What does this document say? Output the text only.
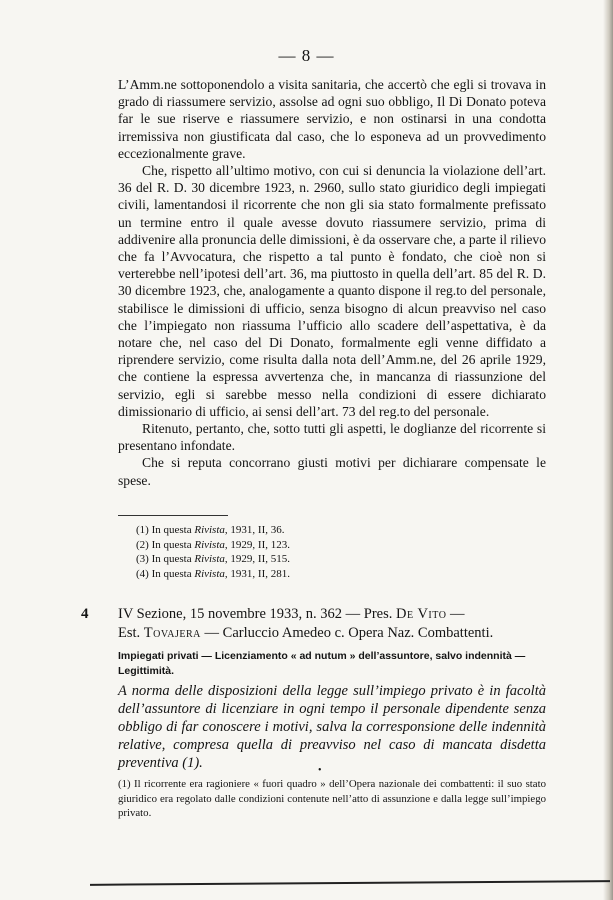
— 8 —

L’Amm.ne sottoponendolo a visita sanitaria, che accertò che egli si trovava in grado di riassumere servizio, assolse ad ogni suo obbligo, Il Di Donato poteva far le sue riserve e riassumere servizio, e non ostinarsi in una condotta irremissiva non giustificata dal caso, che lo esponeva ad un provvedimento eccezionalmente grave.

Che, rispetto all’ultimo motivo, con cui si denuncia la violazione dell’art. 36 del R. D. 30 dicembre 1923, n. 2960, sullo stato giuridico degli impiegati civili, lamentandosi il ricorrente che non gli sia stato formalmente prefissato un termine entro il quale avesse dovuto riassumere servizio, prima di addivenire alla pronuncia delle dimissioni, è da osservare che, a parte il rilievo che fa l’Avvocatura, che rispetto a tal punto è fondato, che cioè non si verterebbe nell’ipotesi dell’art. 36, ma piuttosto in quella dell’art. 85 del R. D. 30 dicembre 1923, che, analogamente a quanto dispone il reg.to del personale, stabilisce le dimissioni di ufficio, senza bisogno di alcun preavviso nel caso che l’impiegato non riassuma l’ufficio allo scadere dell’aspettativa, è da notare che, nel caso del Di Donato, formalmente egli venne diffidato a riprendere servizio, come risulta dalla nota dell’Amm.ne, del 26 aprile 1929, che contiene la espressa avvertenza che, in mancanza di riassunzione del servizio, egli si sarebbe messo nella condizioni di essere dichiarato dimissionario di ufficio, ai sensi dell’art. 73 del reg.to del personale.

Ritenuto, pertanto, che, sotto tutti gli aspetti, le doglianze del ricorrente si presentano infondate.

Che si reputa concorrano giusti motivi per dichiarare compensate le spese.

(1) In questa Rivista, 1931, II, 36.
(2) In questa Rivista, 1929, II, 123.
(3) In questa Rivista, 1929, II, 515.
(4) In questa Rivista, 1931, II, 281.
4 IV Sezione, 15 novembre 1933, n. 362 — Pres. De Vito —
Est. Tovajera — Carluccio Amedeo c. Opera Naz. Combattenti.
Impiegati privati — Licenziamento « ad nutum » dell’assuntore, salvo indennità — Legittimità.
A norma delle disposizioni della legge sull’impiego privato è in facoltà dell’assuntore di licenziare in ogni tempo il personale dipendente senza obbligo di far conoscere i motivi, salva la corresponsione delle indennità relative, compresa quella di preavviso nel caso di mancata disdetta preventiva (1).	•
(1) Il ricorrente era ragioniere « fuori quadro » dell’Opera nazionale dei combattenti: il suo stato giuridico era regolato dalle condizioni contenute nell’atto di assunzione e dalla legge sull’impiego privato.
